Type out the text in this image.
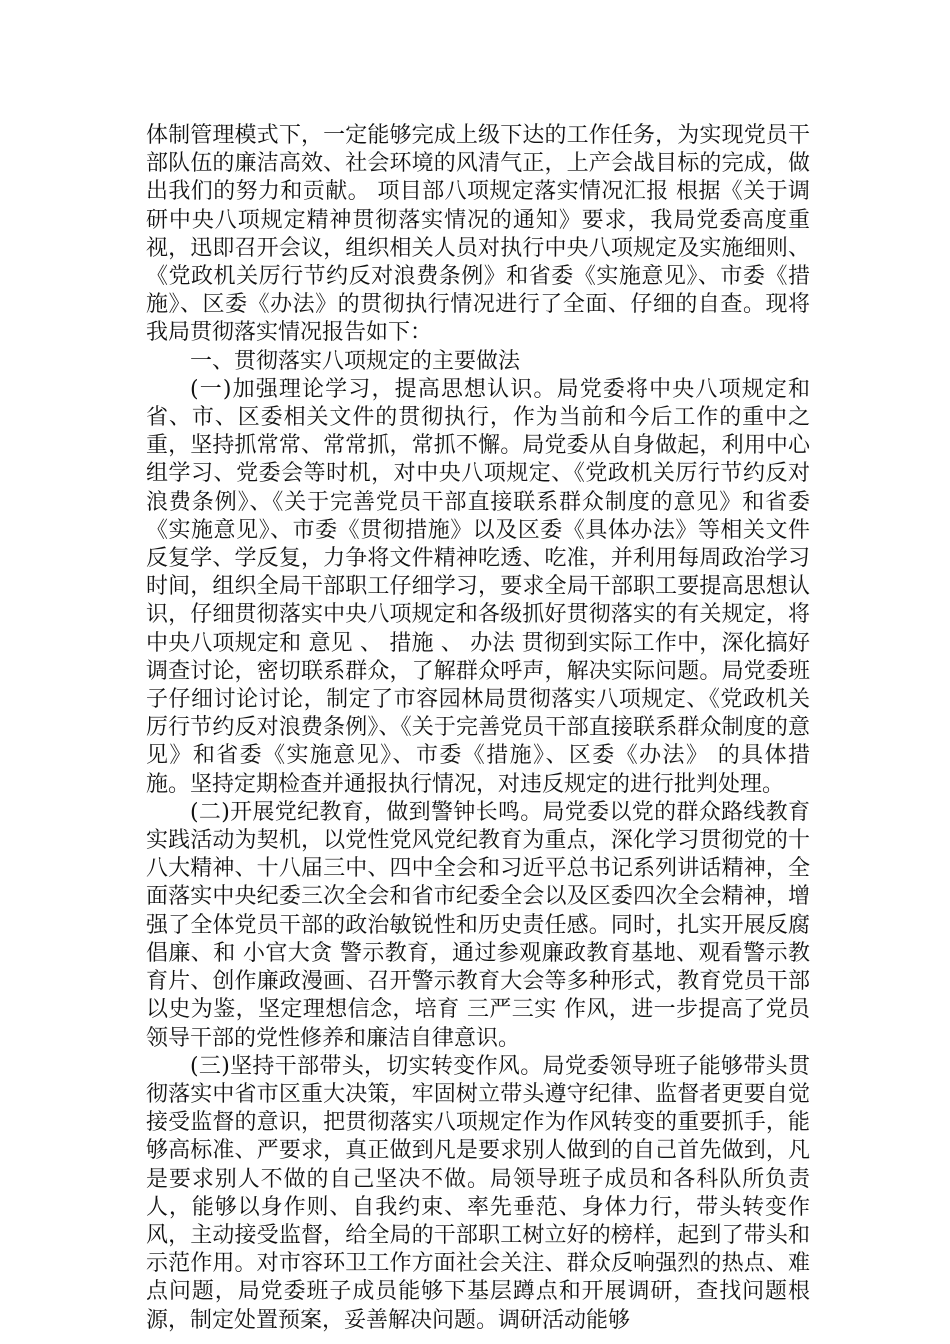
体制管理模式下，一定能够完成上级下达的工作任务，为实现党员干部队伍的廉洁高效、社会环境的风清气正，上产会战目标的完成，做出我们的努力和贡献。 项目部八项规定落实情况汇报 根据《关于调研中央八项规定精神贯彻落实情况的通知》要求，我局党委高度重视，迅即召开会议，组织相关人员对执行中央八项规定及实施细则、《党政机关厉行节约反对浪费条例》和省委《实施意见》、市委《措施》、区委《办法》的贯彻执行情况进行了全面、仔细的自查。现将我局贯彻落实情况报告如下：

一、贯彻落实八项规定的主要做法

(一)加强理论学习，提高思想认识。局党委将中央八项规定和省、市、区委相关文件的贯彻执行，作为当前和今后工作的重中之重，坚持抓常常、常常抓，常抓不懈。局党委从自身做起，利用中心组学习、党委会等时机，对中央八项规定、《党政机关厉行节约反对浪费条例》、《关于完善党员干部直接联系群众制度的意见》和省委《实施意见》、市委《贯彻措施》以及区委《具体办法》等相关文件反复学、学反复，力争将文件精神吃透、吃准，并利用每周政治学习时间，组织全局干部职工仔细学习，要求全局干部职工要提高思想认识，仔细贯彻落实中央八项规定和各级抓好贯彻落实的有关规定，将中央八项规定和 意见 、 措施 、 办法 贯彻到实际工作中，深化搞好调查讨论，密切联系群众，了解群众呼声，解决实际问题。局党委班子仔细讨论讨论，制定了市容园林局贯彻落实八项规定、《党政机关厉行节约反对浪费条例》、《关于完善党员干部直接联系群众制度的意见》和省委《实施意见》、市委《措施》、区委《办法》 的具体措施。坚持定期检查并通报执行情况，对违反规定的进行批判处理。

(二)开展党纪教育，做到警钟长鸣。局党委以党的群众路线教育实践活动为契机，以党性党风党纪教育为重点，深化学习贯彻党的十八大精神、十八届三中、四中全会和习近平总书记系列讲话精神，全面落实中央纪委三次全会和省市纪委全会以及区委四次全会精神，增强了全体党员干部的政治敏锐性和历史责任感。同时，扎实开展反腐倡廉、和 小官大贪 警示教育，通过参观廉政教育基地、观看警示教育片、创作廉政漫画、召开警示教育大会等多种形式，教育党员干部以史为鉴，坚定理想信念，培育 三严三实 作风，进一步提高了党员领导干部的党性修养和廉洁自律意识。

(三)坚持干部带头，切实转变作风。局党委领导班子能够带头贯彻落实中省市区重大决策，牢固树立带头遵守纪律、监督者更要自觉接受监督的意识，把贯彻落实八项规定作为作风转变的重要抓手，能够高标准、严要求，真正做到凡是要求别人做到的自己首先做到，凡是要求别人不做的自己坚决不做。局领导班子成员和各科队所负责人，能够以身作则、自我约束、率先垂范、身体力行，带头转变作风，主动接受监督，给全局的干部职工树立好的榜样，起到了带头和示范作用。对市容环卫工作方面社会关注、群众反响强烈的热点、难点问题，局党委班子成员能够下基层蹲点和开展调研，查找问题根源，制定处置预案，妥善解决问题。调研活动能够
